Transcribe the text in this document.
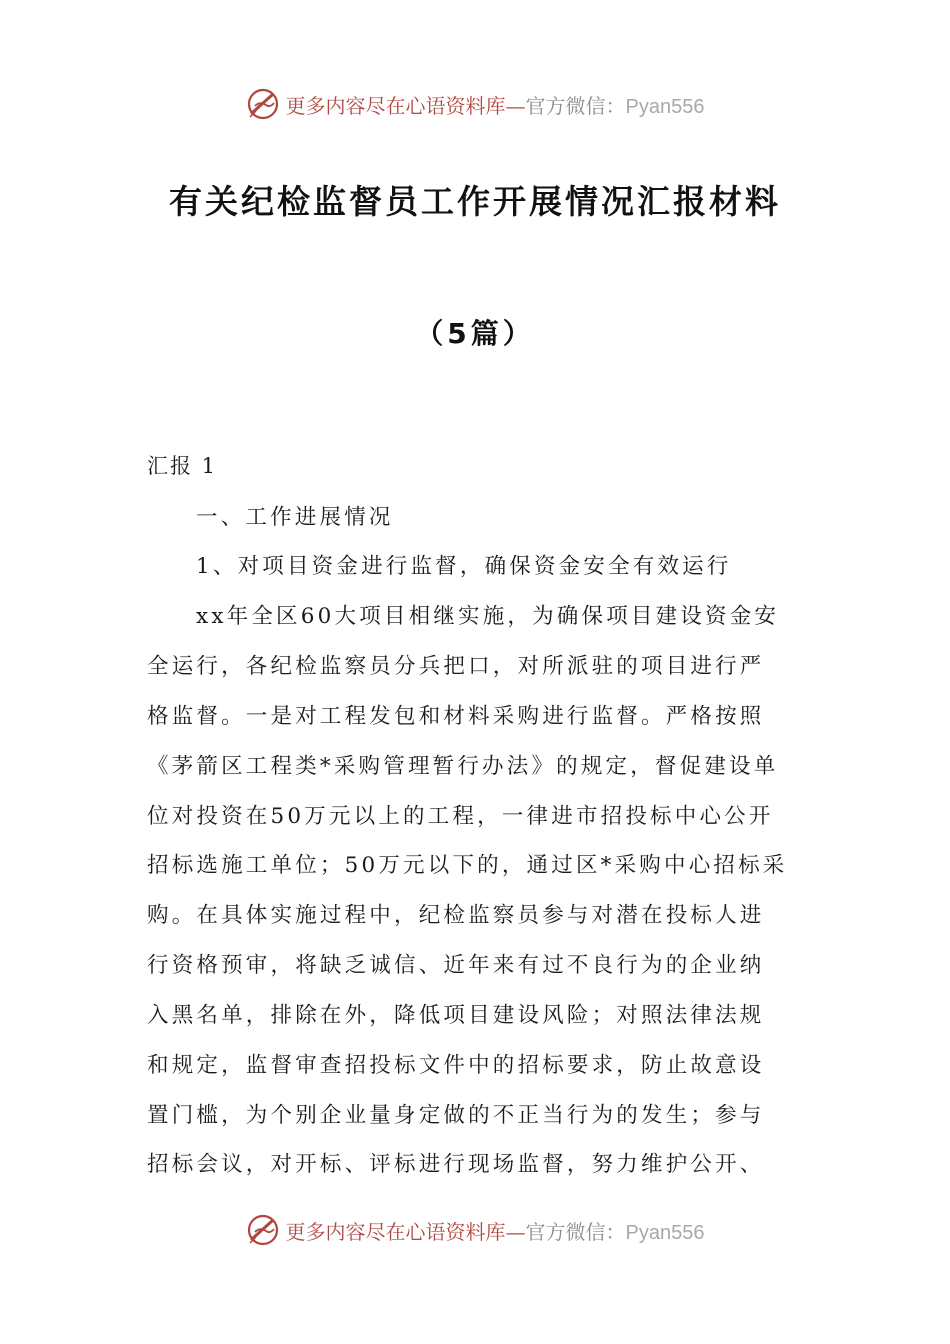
更多内容尽在心语资料库—官方微信：Pyan556
有关纪检监督员工作开展情况汇报材料
（5篇）
汇报 1
一、工作进展情况
1、对项目资金进行监督，确保资金安全有效运行
xx年全区60大项目相继实施，为确保项目建设资金安
全运行，各纪检监察员分兵把口，对所派驻的项目进行严
格监督。一是对工程发包和材料采购进行监督。严格按照
《茅箭区工程类*采购管理暂行办法》的规定，督促建设单
位对投资在50万元以上的工程，一律进市招投标中心公开
招标选施工单位；50万元以下的，通过区*采购中心招标采
购。在具体实施过程中，纪检监察员参与对潜在投标人进
行资格预审，将缺乏诚信、近年来有过不良行为的企业纳
入黑名单，排除在外，降低项目建设风险；对照法律法规
和规定，监督审查招投标文件中的招标要求，防止故意设
置门槛，为个别企业量身定做的不正当行为的发生；参与
招标会议，对开标、评标进行现场监督，努力维护公开、
更多内容尽在心语资料库—官方微信：Pyan556
